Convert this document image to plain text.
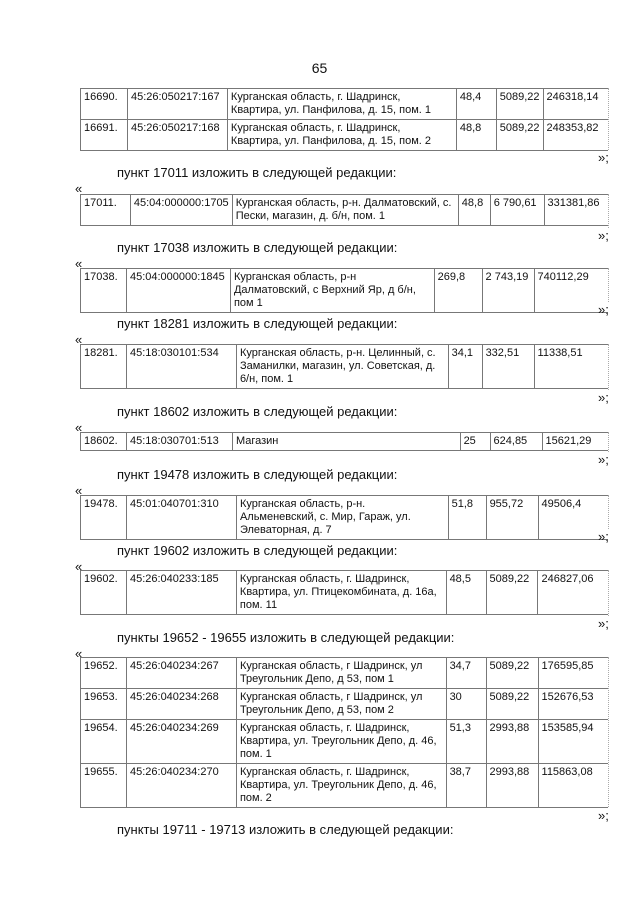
65
16690.	45:26:050217:167	Курганская область, г. Шадринск, Квартира, ул. Панфилова, д. 15, пом. 1	48,4	5089,22	246318,14
16691.	45:26:050217:168	Курганская область, г. Шадринск, Квартира, ул. Панфилова, д. 15, пом. 2	48,8	5089,22	248353,82
»;
пункт 17011 изложить в следующей редакции:
«
17011.	45:04:000000:1705	Курганская область, р-н. Далматовский, с. Пески, магазин, д. б/н, пом. 1	48,8	6 790,61	331381,86
»;
пункт 17038 изложить в следующей редакции:
«
17038.	45:04:000000:1845	Курганская область, р-н Далматовский, с Верхний Яр, д б/н, пом 1	269,8	2 743,19	740112,29
»;
пункт 18281 изложить в следующей редакции:
«
18281.	45:18:030101:534	Курганская область, р-н. Целинный, с. Заманилки, магазин, ул. Советская, д. 6/н, пом. 1	34,1	332,51	11338,51
»;
пункт 18602 изложить в следующей редакции:
«
18602.	45:18:030701:513	Магазин	25	624,85	15621,29
»;
пункт 19478 изложить в следующей редакции:
«
19478.	45:01:040701:310	Курганская область, р-н. Альменевский, с. Мир, Гараж, ул. Элеваторная, д. 7	51,8	955,72	49506,4
»;
пункт 19602 изложить в следующей редакции:
«
19602.	45:26:040233:185	Курганская область, г. Шадринск, Квартира, ул. Птицекомбината, д. 16а, пом. 11	48,5	5089,22	246827,06
»;
пункты 19652 - 19655 изложить в следующей редакции:
«
19652.	45:26:040234:267	Курганская область, г Шадринск, ул Треугольник Депо, д 53, пом 1	34,7	5089,22	176595,85
19653.	45:26:040234:268	Курганская область, г Шадринск, ул Треугольник Депо, д 53, пом 2	30	5089,22	152676,53
19654.	45:26:040234:269	Курганская область, г. Шадринск, Квартира, ул. Треугольник Депо, д. 46, пом. 1	51,3	2993,88	153585,94
19655.	45:26:040234:270	Курганская область, г. Шадринск, Квартира, ул. Треугольник Депо, д. 46, пом. 2	38,7	2993,88	115863,08
»;
пункты 19711 - 19713 изложить в следующей редакции:
